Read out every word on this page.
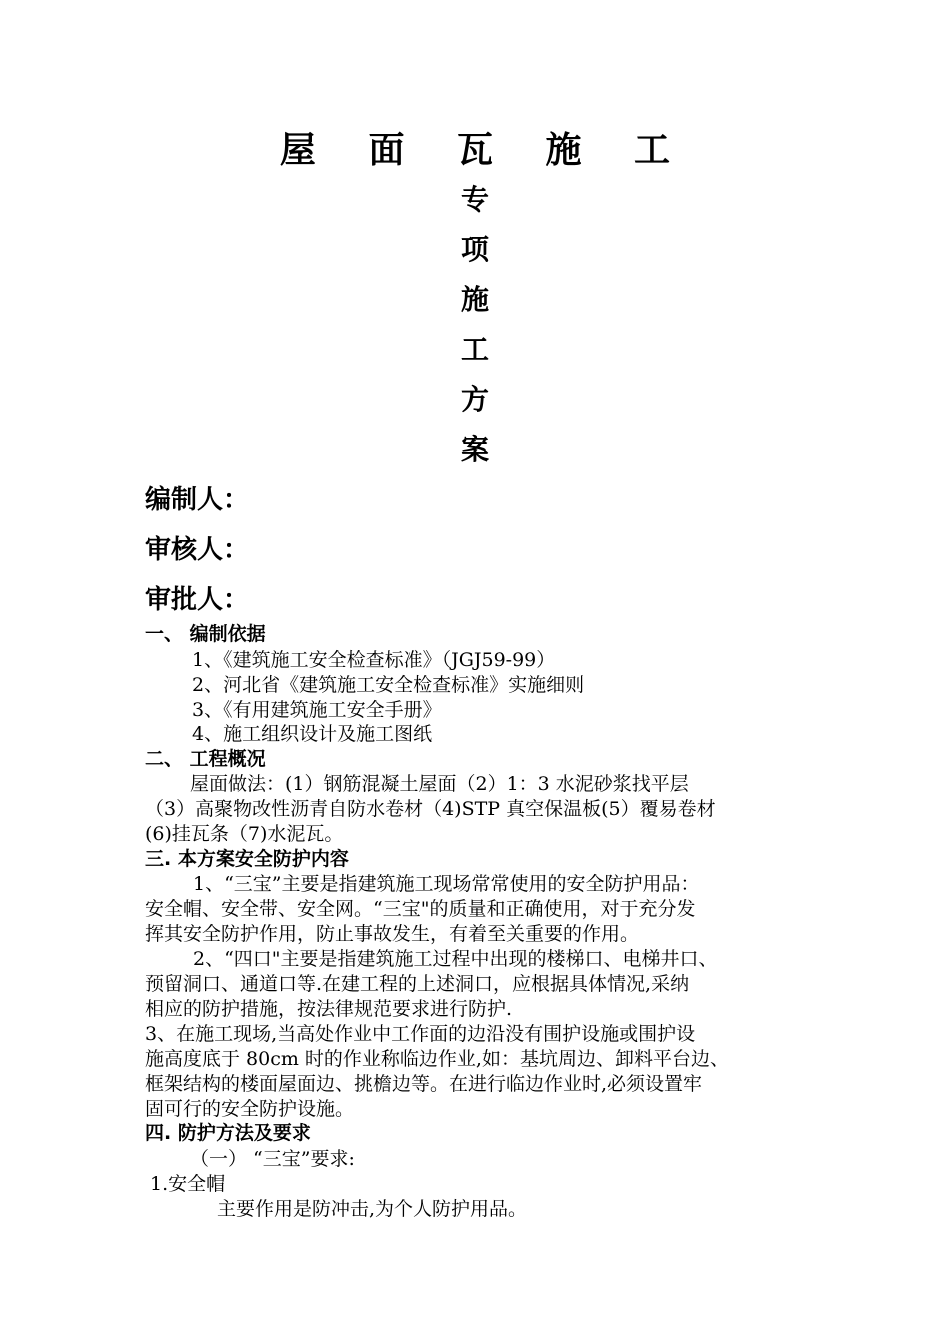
屋 面 瓦 施 工
专
项
施
工
方
案
编制人：
审核人：
审批人：
一、 编制依据
1、《建筑施工安全检查标准》（JGJ59-99）
2、河北省《建筑施工安全检查标准》实施细则
3、《有用建筑施工安全手册》
4、施工组织设计及施工图纸
二、 工程概况
屋面做法：(1）钢筋混凝土屋面（2）1：3 水泥砂浆找平层
（3）高聚物改性沥青自防水卷材（4)STP 真空保温板(5）覆易卷材
(6)挂瓦条（7)水泥瓦。
三. 本方案安全防护内容
1、“三宝”主要是指建筑施工现场常常使用的安全防护用品：
安全帽、安全带、安全网。“三宝"的质量和正确使用，对于充分发
挥其安全防护作用，防止事故发生，有着至关重要的作用。
2、“四口"主要是指建筑施工过程中出现的楼梯口、电梯井口、
预留洞口、通道口等.在建工程的上述洞口，应根据具体情况,采纳
相应的防护措施，按法律规范要求进行防护.
3、在施工现场,当高处作业中工作面的边沿没有围护设施或围护设
施高度底于 80cm 时的作业称临边作业,如：基坑周边、卸料平台边、
框架结构的楼面屋面边、挑檐边等。在进行临边作业时,必须设置牢
固可行的安全防护设施。
四. 防护方法及要求
（一） “三宝”要求:
1.安全帽
主要作用是防冲击,为个人防护用品。
